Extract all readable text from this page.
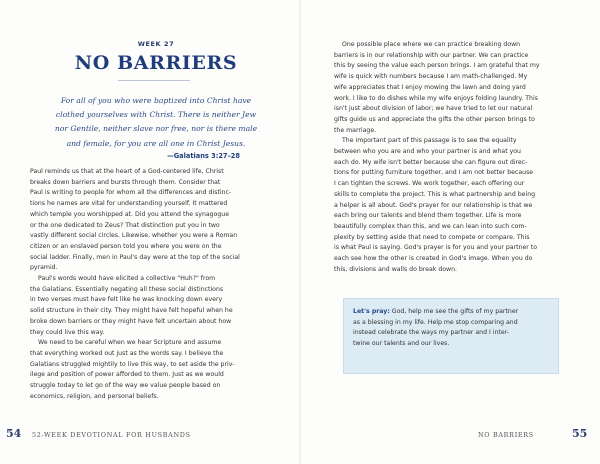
WEEK 27
NO BARRIERS
For all of you who were baptized into Christ have
clothed yourselves with Christ. There is neither Jew
nor Gentile, neither slave nor free, nor is there male
and female, for you are all one in Christ Jesus.
—Galatians 3:27–28
Paul reminds us that at the heart of a God-centered life, Christ
breaks down barriers and bursts through them. Consider that
Paul is writing to people for whom all the differences and distinc-
tions he names are vital for understanding yourself. It mattered
which temple you worshipped at. Did you attend the synagogue
or the one dedicated to Zeus? That distinction put you in two
vastly different social circles. Likewise, whether you were a Roman
citizen or an enslaved person told you where you were on the
social ladder. Finally, men in Paul's day were at the top of the social
pyramid.
Paul's words would have elicited a collective "Huh?" from
the Galatians. Essentially negating all these social distinctions
in two verses must have felt like he was knocking down every
solid structure in their city. They might have felt hopeful when he
broke down barriers or they might have felt uncertain about how
they could live this way.
We need to be careful when we hear Scripture and assume
that everything worked out just as the words say. I believe the
Galatians struggled mightily to live this way, to set aside the priv-
ilege and position of power afforded to them. Just as we would
struggle today to let go of the way we value people based on
economics, religion, and personal beliefs.
54 52-WEEK DEVOTIONAL FOR HUSBANDS
One possible place where we can practice breaking down
barriers is in our relationship with our partner. We can practice
this by seeing the value each person brings. I am grateful that my
wife is quick with numbers because I am math-challenged. My
wife appreciates that I enjoy mowing the lawn and doing yard
work. I like to do dishes while my wife enjoys folding laundry. This
isn't just about division of labor; we have tried to let our natural
gifts guide us and appreciate the gifts the other person brings to
the marriage.
The important part of this passage is to see the equality
between who you are and who your partner is and what you
each do. My wife isn't better because she can figure out direc-
tions for putting furniture together, and I am not better because
I can tighten the screws. We work together, each offering our
skills to complete the project. This is what partnership and being
a helper is all about. God's prayer for our relationship is that we
each bring our talents and blend them together. Life is more
beautifully complex than this, and we can lean into such com-
plexity by setting aside that need to compete or compare. This
is what Paul is saying. God's prayer is for you and your partner to
each see how the other is created in God's image. When you do
this, divisions and walls do break down.
Let's pray: God, help me see the gifts of my partner
as a blessing in my life. Help me stop comparing and
instead celebrate the ways my partner and I inter-
twine our talents and our lives.
NO BARRIERS	55
